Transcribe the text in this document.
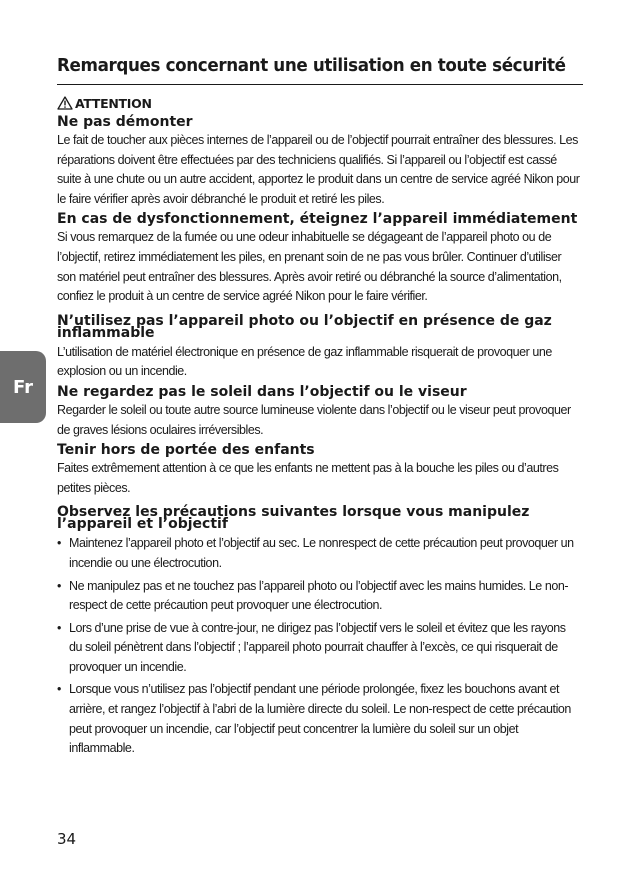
Remarques concernant une utilisation en toute sécurité
Fr
ATTENTION
Ne pas démonter

Le fait de toucher aux pièces internes de l’appareil ou de l’objectif pourrait entraîner des blessures. Les réparations doivent être effectuées par des techniciens qualifiés. Si l’appareil ou l’objectif est cassé suite à une chute ou un autre accident, apportez le produit dans un centre de service agréé Nikon pour le faire vérifier après avoir débranché le produit et retiré les piles.

En cas de dysfonctionnement, éteignez l’appareil immédiatement

Si vous remarquez de la fumée ou une odeur inhabituelle se dégageant de l’appareil photo ou de l’objectif, retirez immédiatement les piles, en prenant soin de ne pas vous brûler. Continuer d’utiliser son matériel peut entraîner des blessures. Après avoir retiré ou débranché la source d’alimentation, confiez le produit à un centre de service agréé Nikon pour le faire vérifier.

N’utilisez pas l’appareil photo ou l’objectif en présence de gaz inflammable

L’utilisation de matériel électronique en présence de gaz inflammable risquerait de provoquer une explosion ou un incendie.

Ne regardez pas le soleil dans l’objectif ou le viseur

Regarder le soleil ou toute autre source lumineuse violente dans l’objectif ou le viseur peut provoquer de graves lésions oculaires irréversibles.

Tenir hors de portée des enfants

Faites extrêmement attention à ce que les enfants ne mettent pas à la bouche les piles ou d’autres petites pièces.

Observez les précautions suivantes lorsque vous manipulez l’appareil et l’objectif
• Maintenez l’appareil photo et l’objectif au sec. Le nonrespect de cette précaution peut provoquer un incendie ou une électrocution.
• Ne manipulez pas et ne touchez pas l’appareil photo ou l’objectif avec les mains humides. Le non-respect de cette précaution peut provoquer une électrocution.
• Lors d’une prise de vue à contre-jour, ne dirigez pas l’objectif vers le soleil et évitez que les rayons du soleil pénètrent dans l’objectif ; l’appareil photo pourrait chauffer à l’excès, ce qui risquerait de provoquer un incendie.
• Lorsque vous n’utilisez pas l’objectif pendant une période prolongée, fixez les bouchons avant et arrière, et rangez l’objectif à l’abri de la lumière directe du soleil. Le non-respect de cette précaution peut provoquer un incendie, car l’objectif peut concentrer la lumière du soleil sur un objet inflammable.
34
